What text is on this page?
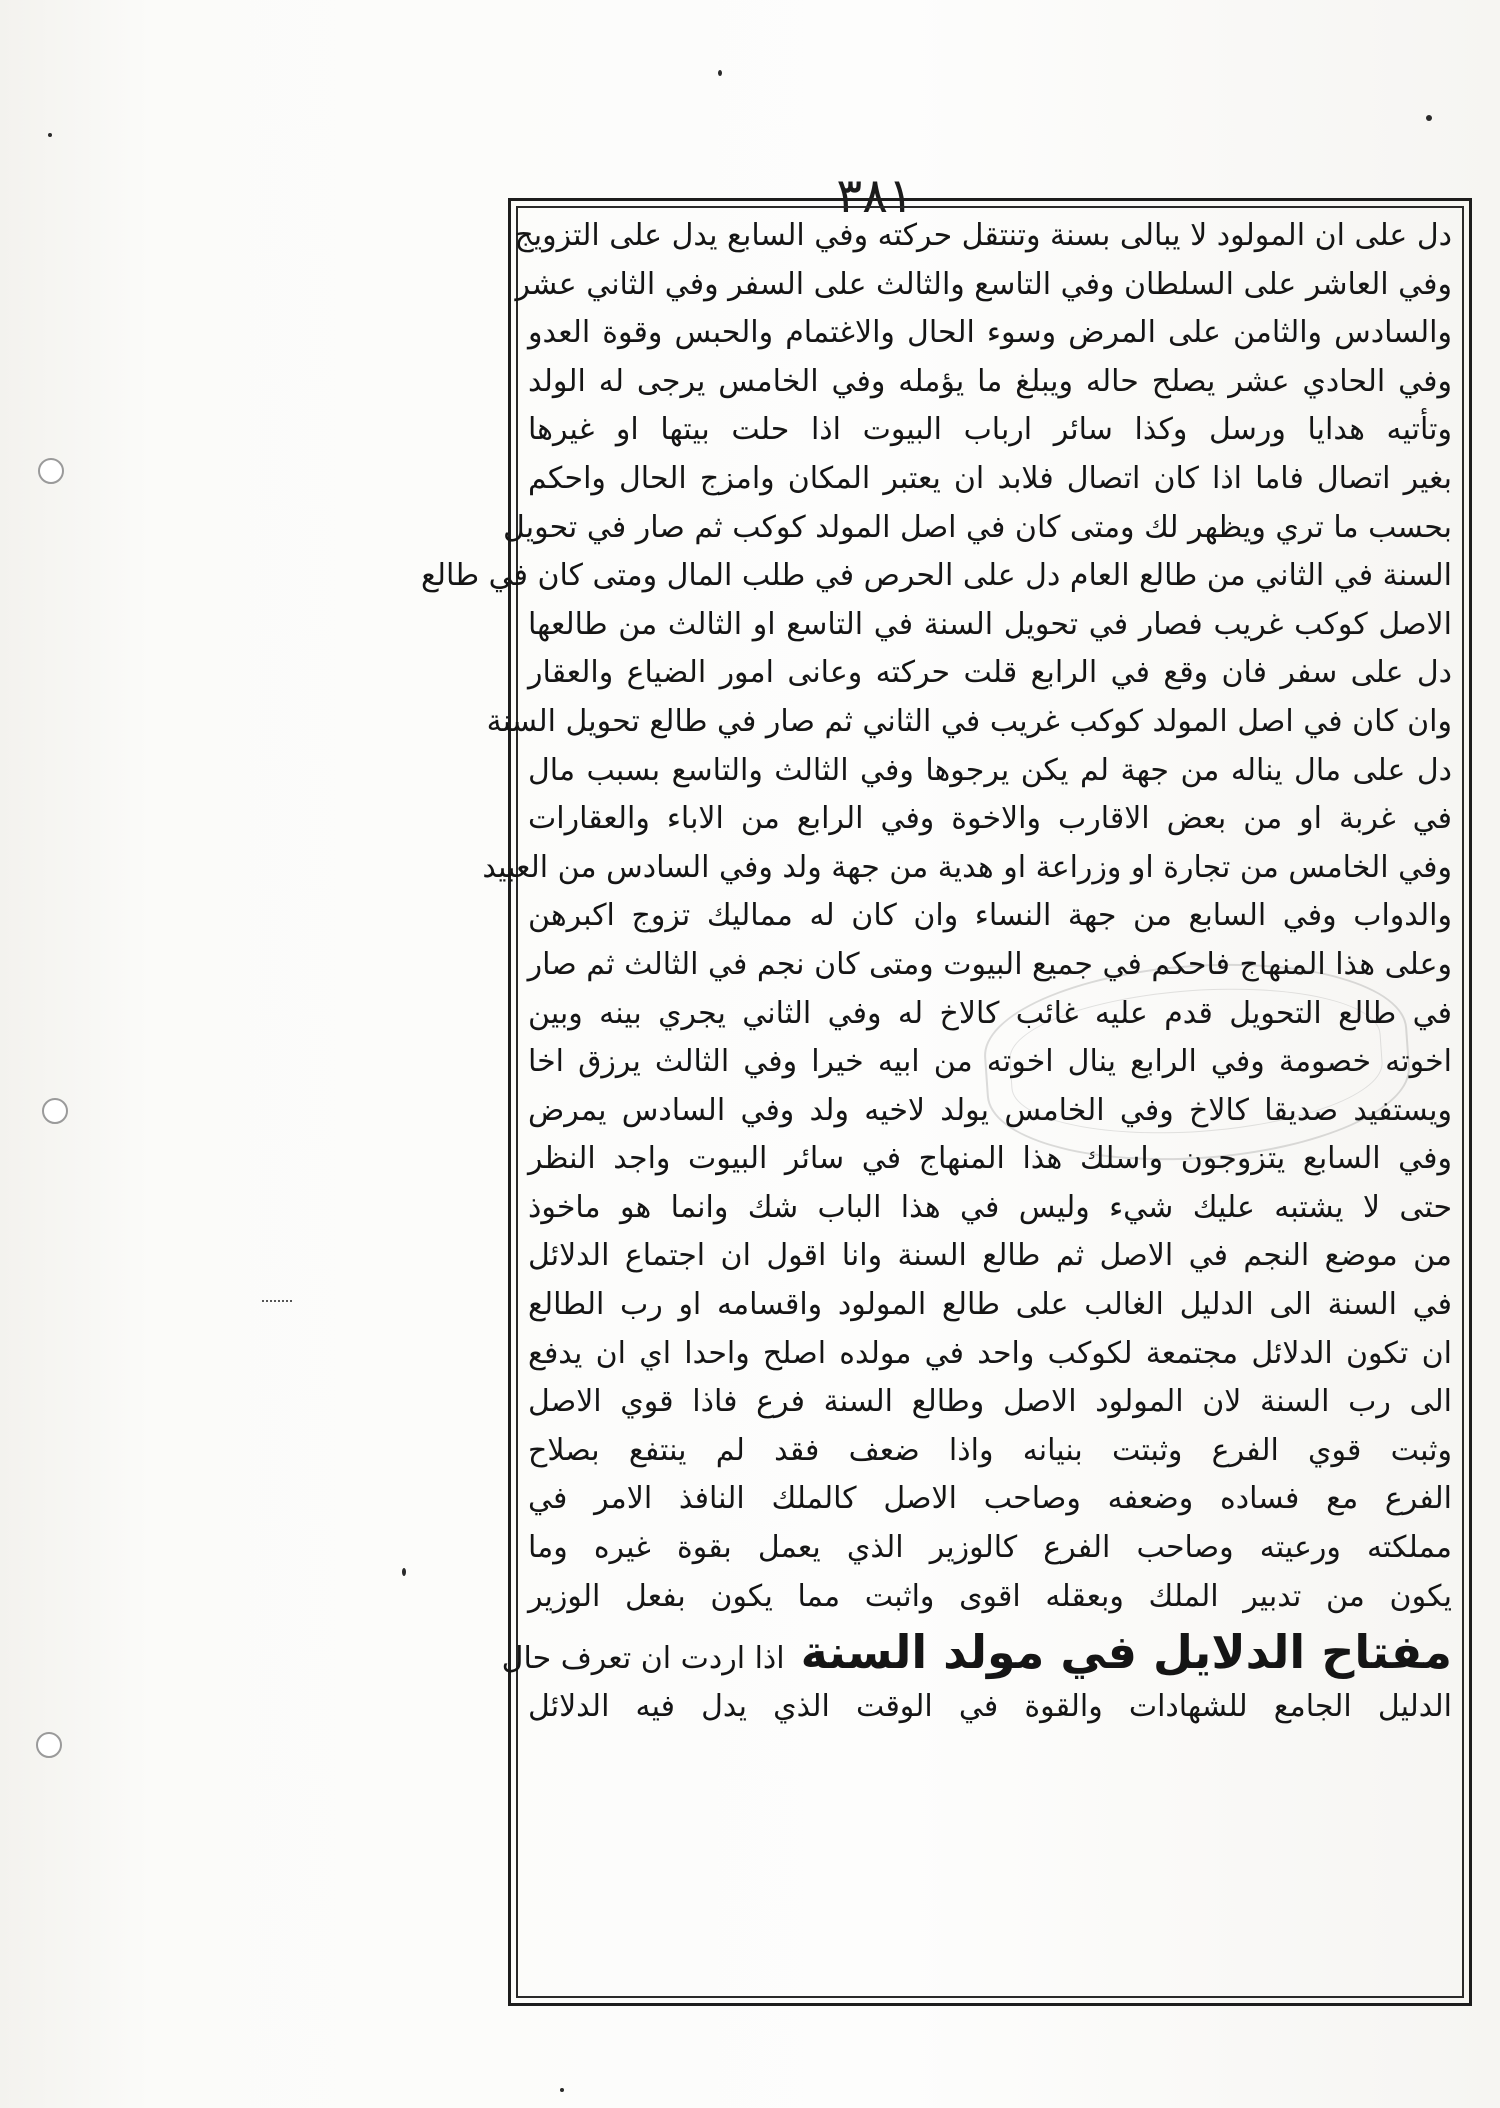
٣٨١
دل على ان المولود لا يبالى بسنة وتنتقل حركته وفي السابع يدل على التزويج
وفي العاشر على السلطان وفي التاسع والثالث على السفر وفي الثاني عشر
والسادس والثامن على المرض وسوء الحال والاغتمام والحبس وقوة العدو
وفي الحادي عشر يصلح حاله ويبلغ ما يؤمله وفي الخامس يرجى له الولد
وتأتيه هدايا ورسل وكذا سائر ارباب البيوت اذا حلت بيتها او غيرها
بغير اتصال فاما اذا كان اتصال فلابد ان يعتبر المكان وامزج الحال واحكم
بحسب ما تري ويظهر لك ومتى كان في اصل المولد كوكب ثم صار في تحويل
السنة في الثاني من طالع العام دل على الحرص في طلب المال ومتى كان في طالع
الاصل كوكب غريب فصار في تحويل السنة في التاسع او الثالث من طالعها
دل على سفر فان وقع في الرابع قلت حركته وعانى امور الضياع والعقار
وان كان في اصل المولد كوكب غريب في الثاني ثم صار في طالع تحويل السنة
دل على مال يناله من جهة لم يكن يرجوها وفي الثالث والتاسع بسبب مال
في غربة او من بعض الاقارب والاخوة وفي الرابع من الاباء والعقارات
وفي الخامس من تجارة او وزراعة او هدية من جهة ولد وفي السادس من العبيد
والدواب وفي السابع من جهة النساء وان كان له مماليك تزوج اكبرهن
وعلى هذا المنهاج فاحكم في جميع البيوت ومتى كان نجم في الثالث ثم صار
في طالع التحويل قدم عليه غائب كالاخ له وفي الثاني يجري بينه وبين
اخوته خصومة وفي الرابع ينال اخوته من ابيه خيرا وفي الثالث يرزق اخا
ويستفيد صديقا كالاخ وفي الخامس يولد لاخيه ولد وفي السادس يمرض
وفي السابع يتزوجون واسلك هذا المنهاج في سائر البيوت واجد النظر
حتى لا يشتبه عليك شيء وليس في هذا الباب شك وانما هو ماخوذ
من موضع النجم في الاصل ثم طالع السنة وانا اقول ان اجتماع الدلائل
في السنة الى الدليل الغالب على طالع المولود واقسامه او رب الطالع
ان تكون الدلائل مجتمعة لكوكب واحد في مولده اصلح واحدا اي ان يدفع
الى رب السنة لان المولود الاصل وطالع السنة فرع فاذا قوي الاصل
وثبت قوي الفرع وثبتت بنيانه واذا ضعف فقد لم ينتفع بصلاح
الفرع مع فساده وضعفه وصاحب الاصل كالملك النافذ الامر في
مملكته ورعيته وصاحب الفرع كالوزير الذي يعمل بقوة غيره وما
يكون من تدبير الملك وبعقله اقوى واثبت مما يكون بفعل الوزير
مفتاح الدلايل في مولد السنة اذا اردت ان تعرف حال
الدليل الجامع للشهادات والقوة في الوقت الذي يدل فيه الدلائل
